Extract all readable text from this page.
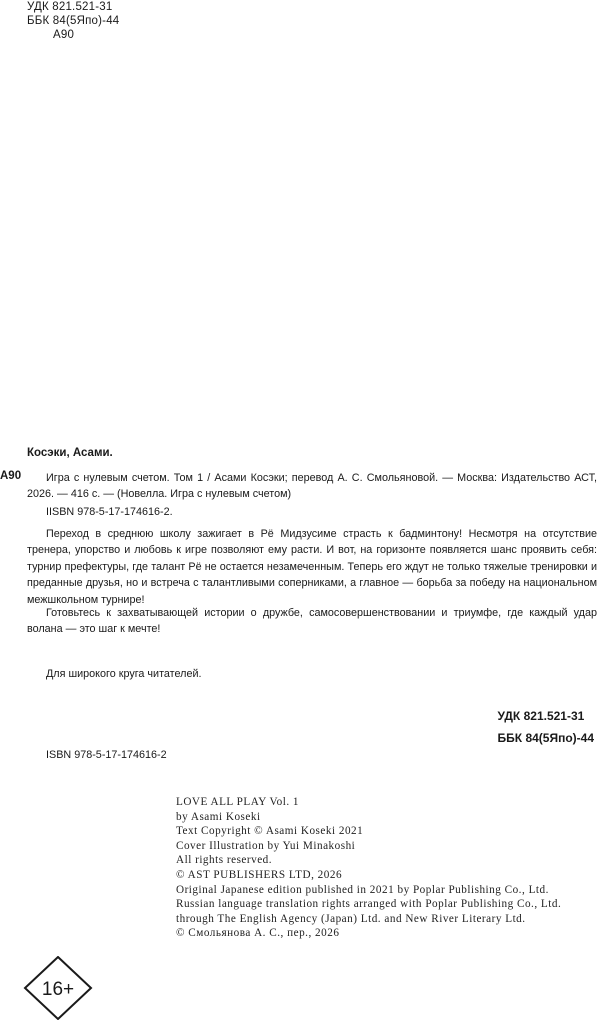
УДК 821.521-31
ББК 84(5Япо)-44
А90
Косэки, Асами.
А90	Игра с нулевым счетом. Том 1 / Асами Косэки; перевод А. С. Смольяновой. — Москва: Издательство АСТ, 2026. — 416 с. — (Новелла. Игра с нулевым счетом)
IISBN 978-5-17-174616-2.
Переход в среднюю школу зажигает в Рё Мидзусиме страсть к бадминтону! Несмотря на отсутствие тренера, упорство и любовь к игре позволяют ему расти. И вот, на горизонте появляется шанс проявить себя: турнир префектуры, где талант Рё не остается незамеченным. Теперь его ждут не только тяжелые тренировки и преданные друзья, но и встреча с талантливыми соперниками, а главное — борьба за победу на национальном межшкольном турнире!
Готовьтесь к захватывающей истории о дружбе, самосовершенствовании и триумфе, где каждый удар волана — это шаг к мечте!
Для широкого круга читателей.
УДК 821.521-31
ББК 84(5Япо)-44
ISBN 978-5-17-174616-2
LOVE ALL PLAY Vol. 1
by Asami Koseki
Text Copyright © Asami Koseki 2021
Cover Illustration by Yui Minakoshi
All rights reserved.
© AST PUBLISHERS LTD, 2026
Original Japanese edition published in 2021 by Poplar Publishing Co., Ltd.
Russian language translation rights arranged with Poplar Publishing Co., Ltd.
through The English Agency (Japan) Ltd. and New River Literary Ltd.
© Смольянова А. С., пер., 2026
16+
